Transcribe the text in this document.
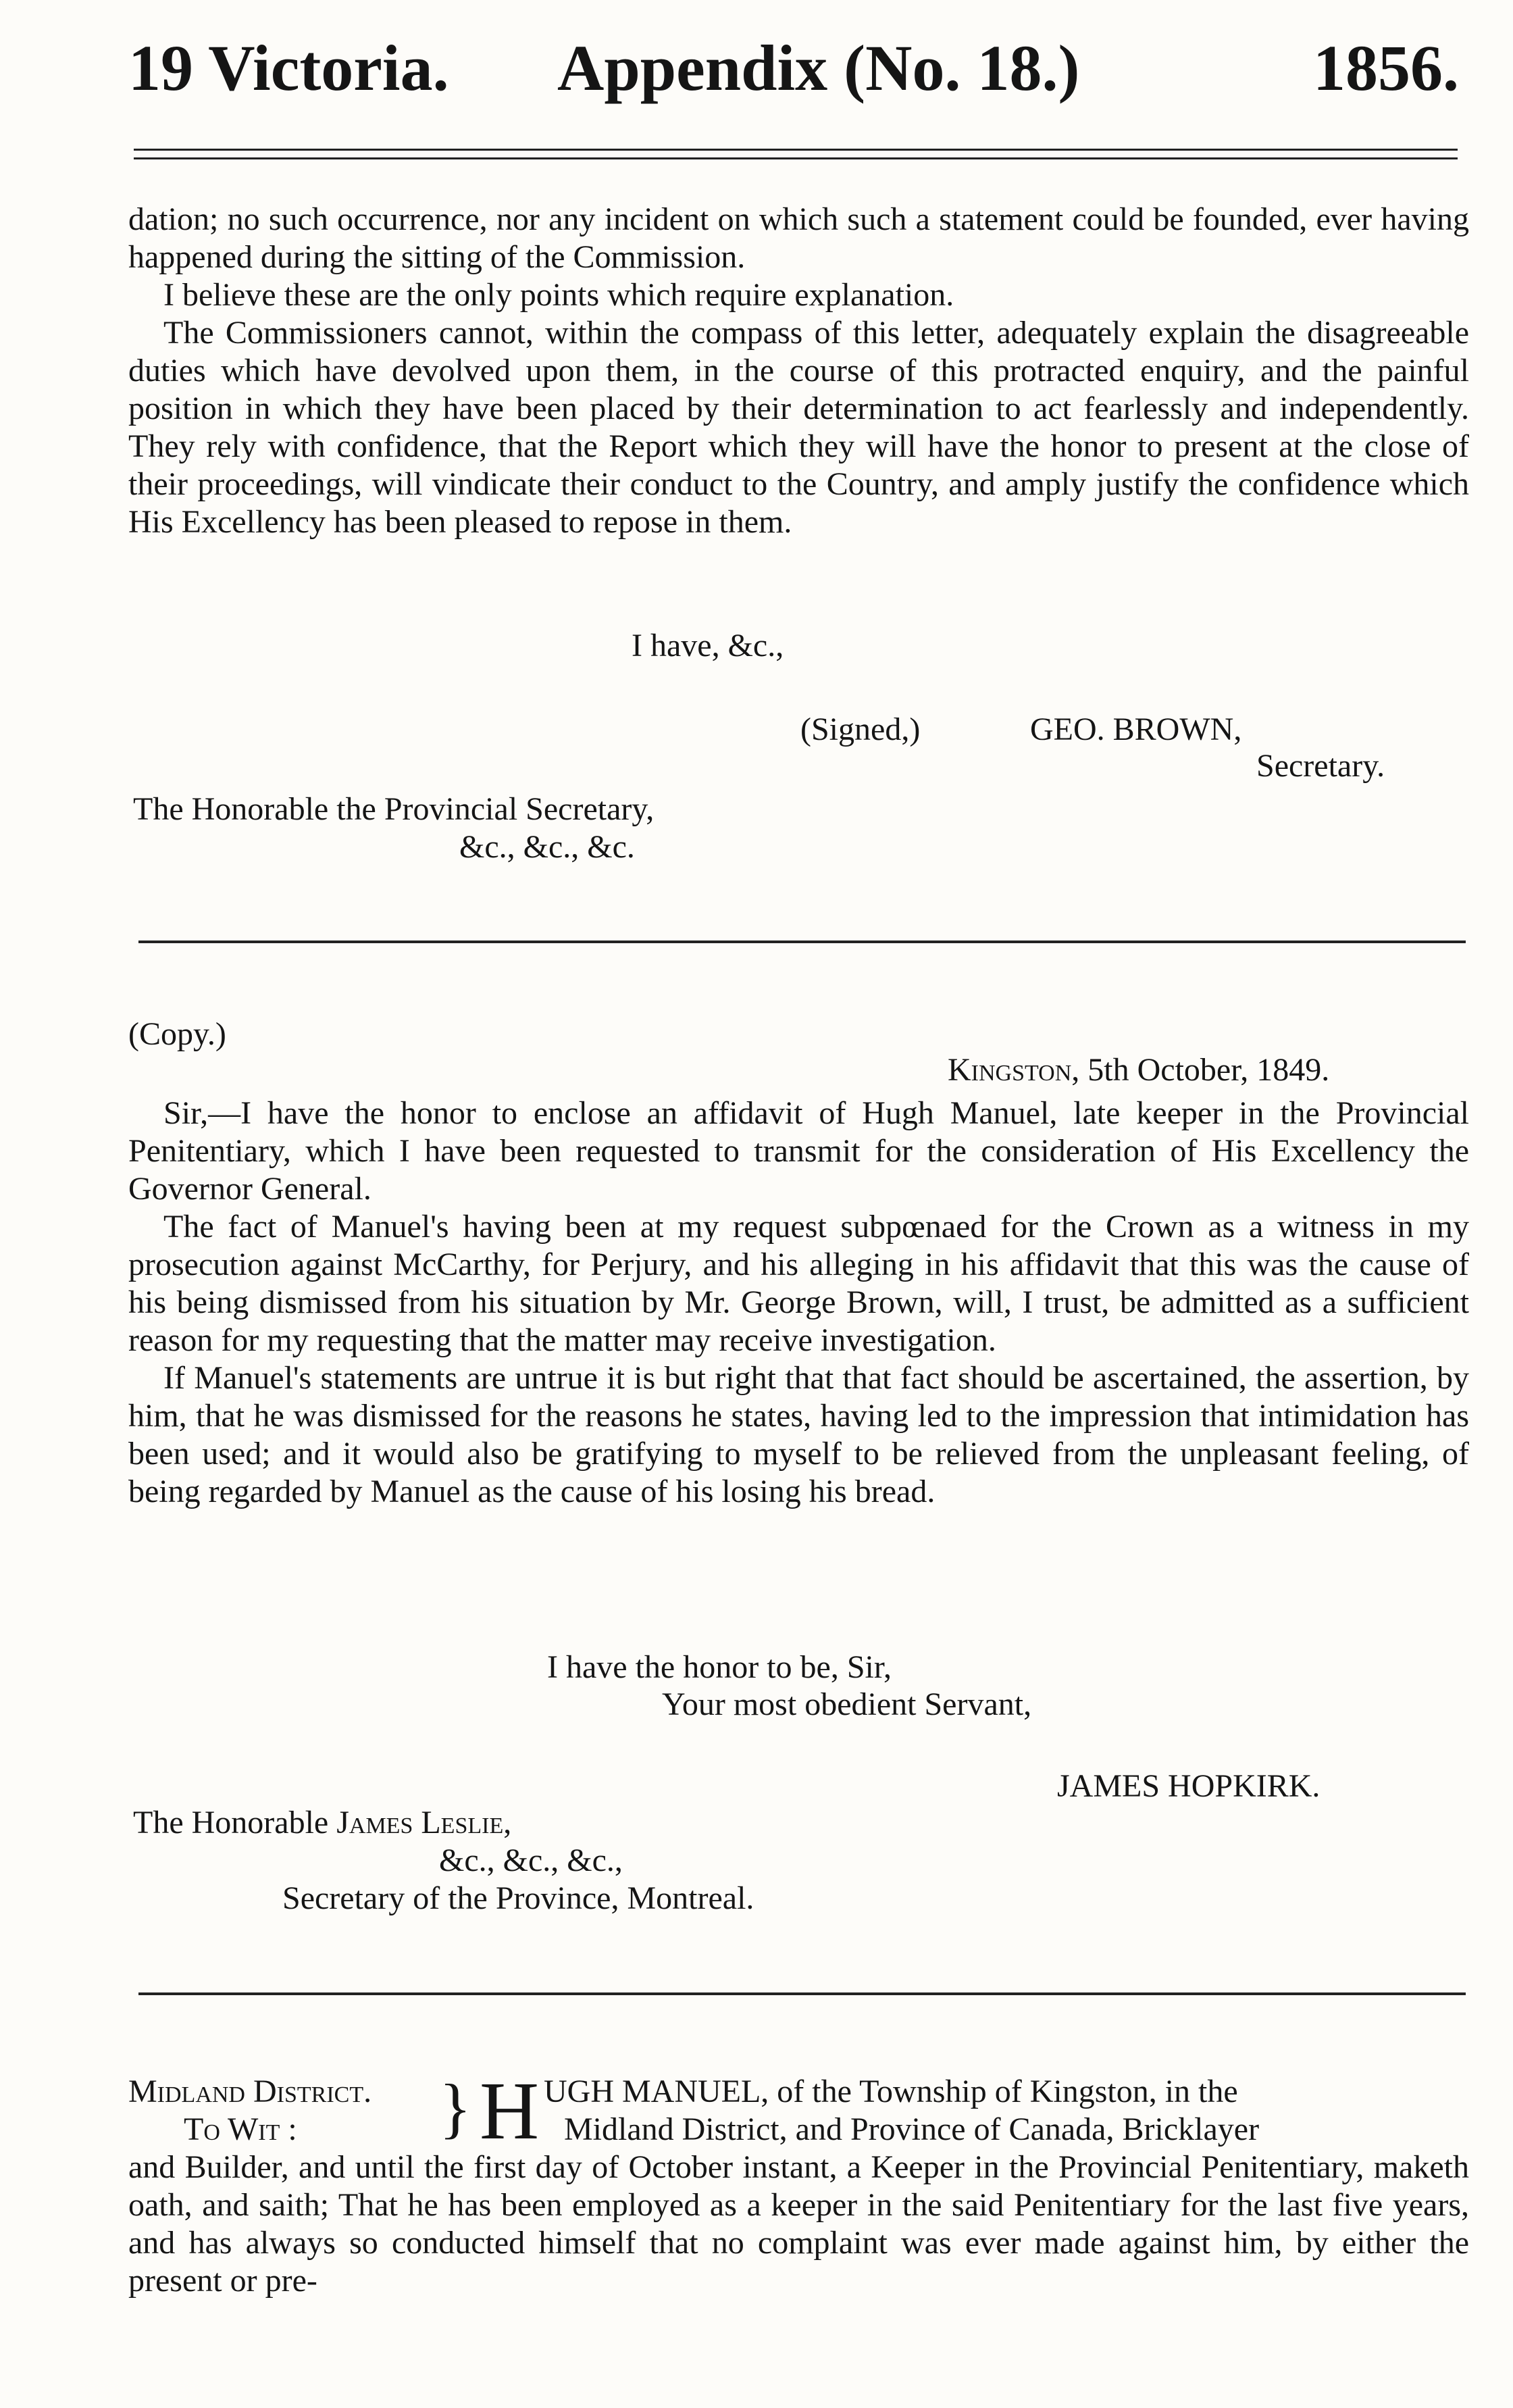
19 Victoria. Appendix (No. 18.)	1856.

dation; no such occurrence, nor any incident on which such a statement could be founded, ever having happened during the sitting of the Commission.

I believe these are the only points which require explanation.

The Commissioners cannot, within the compass of this letter, adequately explain the disagreeable duties which have devolved upon them, in the course of this protracted enquiry, and the painful position in which they have been placed by their determination to act fearlessly and independently. They rely with confidence, that the Report which they will have the honor to present at the close of their proceedings, will vindicate their conduct to the Country, and amply justify the confidence which His Excellency has been pleased to repose in them.

I have, &c.,
(Signed,)	GEO. BROWN,
Secretary.
The Honorable the Provincial Secretary,
&c., &c., &c.
(Copy.)
Kingston, 5th October, 1849.

Sir,—I have the honor to enclose an affidavit of Hugh Manuel, late keeper in the Provincial Penitentiary, which I have been requested to transmit for the consideration of His Excellency the Governor General.

The fact of Manuel's having been at my request subpœnaed for the Crown as a witness in my prosecution against McCarthy, for Perjury, and his alleging in his affidavit that this was the cause of his being dismissed from his situation by Mr. George Brown, will, I trust, be admitted as a sufficient reason for my requesting that the matter may receive investigation.

If Manuel's statements are untrue it is but right that that fact should be ascertained, the assertion, by him, that he was dismissed for the reasons he states, having led to the impression that intimidation has been used; and it would also be gratifying to myself to be relieved from the unpleasant feeling, of being regarded by Manuel as the cause of his losing his bread.

I have the honor to be, Sir,
Your most obedient Servant,
JAMES HOPKIRK.
The Honorable James Leslie,
&c., &c., &c.,
Secretary of the Province, Montreal.
Midland District.
To Wit :	} H UGH MANUEL, of the Township of Kingston, in the
Midland District, and Province of Canada, Bricklayer

and Builder, and until the first day of October instant, a Keeper in the Provincial Penitentiary, maketh oath, and saith; That he has been employed as a keeper in the said Penitentiary for the last five years, and has always so conducted himself that no complaint was ever made against him, by either the present or pre-
